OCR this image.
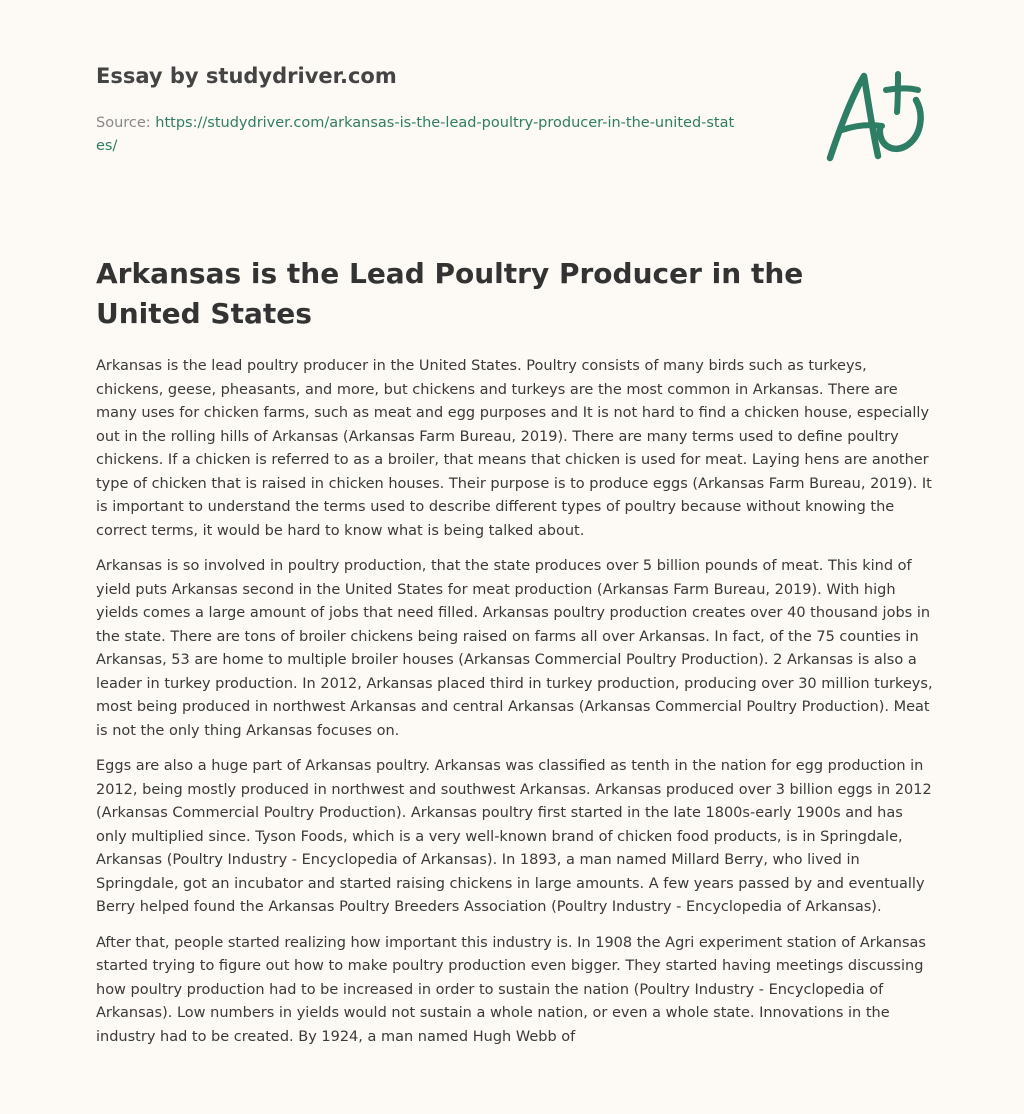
Essay by studydriver.com

Source: https://studydriver.com/arkansas-is-the-lead-poultry-producer-in-the-united-states/

Arkansas is the Lead Poultry Producer in the United States

Arkansas is the lead poultry producer in the United States. Poultry consists of many birds such as turkeys, chickens, geese, pheasants, and more, but chickens and turkeys are the most common in Arkansas. There are many uses for chicken farms, such as meat and egg purposes and It is not hard to find a chicken house, especially out in the rolling hills of Arkansas (Arkansas Farm Bureau, 2019). There are many terms used to define poultry chickens. If a chicken is referred to as a broiler, that means that chicken is used for meat. Laying hens are another type of chicken that is raised in chicken houses. Their purpose is to produce eggs (Arkansas Farm Bureau, 2019). It is important to understand the terms used to describe different types of poultry because without knowing the correct terms, it would be hard to know what is being talked about.

Arkansas is so involved in poultry production, that the state produces over 5 billion pounds of meat. This kind of yield puts Arkansas second in the United States for meat production (Arkansas Farm Bureau, 2019). With high yields comes a large amount of jobs that need filled. Arkansas poultry production creates over 40 thousand jobs in the state. There are tons of broiler chickens being raised on farms all over Arkansas. In fact, of the 75 counties in Arkansas, 53 are home to multiple broiler houses (Arkansas Commercial Poultry Production). 2 Arkansas is also a leader in turkey production. In 2012, Arkansas placed third in turkey production, producing over 30 million turkeys, most being produced in northwest Arkansas and central Arkansas (Arkansas Commercial Poultry Production). Meat is not the only thing Arkansas focuses on.

Eggs are also a huge part of Arkansas poultry. Arkansas was classified as tenth in the nation for egg production in 2012, being mostly produced in northwest and southwest Arkansas. Arkansas produced over 3 billion eggs in 2012 (Arkansas Commercial Poultry Production). Arkansas poultry first started in the late 1800s-early 1900s and has only multiplied since. Tyson Foods, which is a very well-known brand of chicken food products, is in Springdale, Arkansas (Poultry Industry - Encyclopedia of Arkansas). In 1893, a man named Millard Berry, who lived in Springdale, got an incubator and started raising chickens in large amounts. A few years passed by and eventually Berry helped found the Arkansas Poultry Breeders Association (Poultry Industry - Encyclopedia of Arkansas).

After that, people started realizing how important this industry is. In 1908 the Agri experiment station of Arkansas started trying to figure out how to make poultry production even bigger. They started having meetings discussing how poultry production had to be increased in order to sustain the nation (Poultry Industry - Encyclopedia of Arkansas). Low numbers in yields would not sustain a whole nation, or even a whole state. Innovations in the industry had to be created. By 1924, a man named Hugh Webb of
